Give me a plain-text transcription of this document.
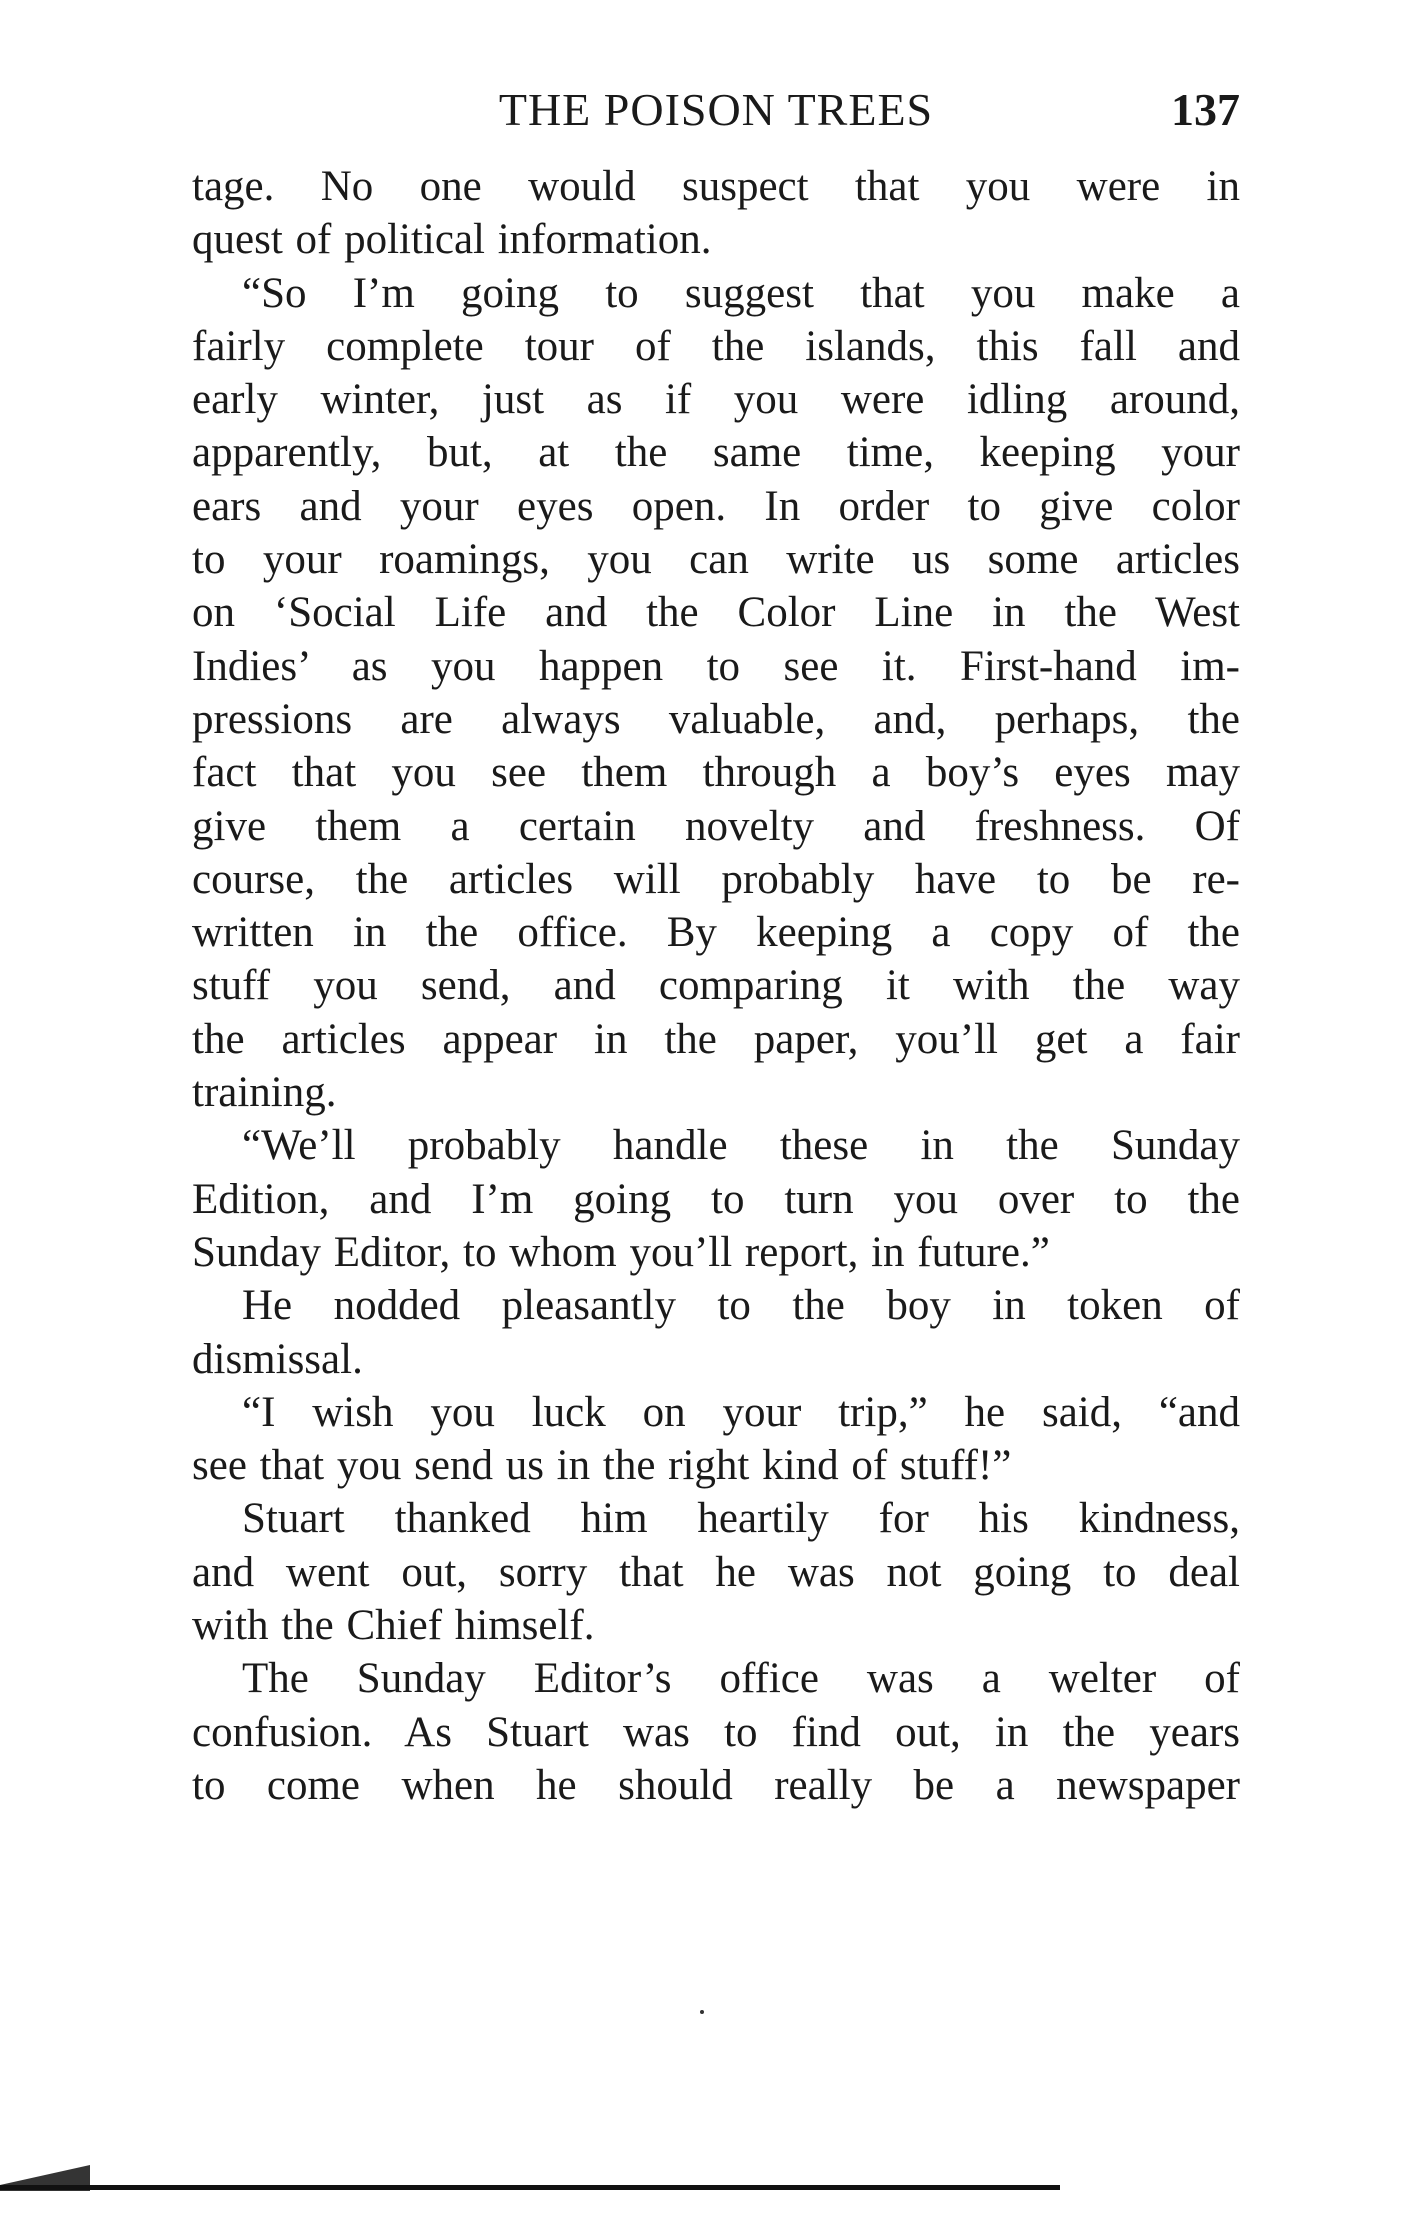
THE POISON TREES	137
tage. No one would suspect that you were in
quest of political information.
“So I’m going to suggest that you make a
fairly complete tour of the islands, this fall and
early winter, just as if you were idling around,
apparently, but, at the same time, keeping your
ears and your eyes open. In order to give color
to your roamings, you can write us some articles
on ‘Social Life and the Color Line in the West
Indies’ as you happen to see it. First-hand im-
pressions are always valuable, and, perhaps, the
fact that you see them through a boy’s eyes may
give them a certain novelty and freshness. Of
course, the articles will probably have to be re-
written in the office. By keeping a copy of the
stuff you send, and comparing it with the way
the articles appear in the paper, you’ll get a fair
training.
“We’ll probably handle these in the Sunday
Edition, and I’m going to turn you over to the
Sunday Editor, to whom you’ll report, in future.”
He nodded pleasantly to the boy in token of
dismissal.
“I wish you luck on your trip,” he said, “and
see that you send us in the right kind of stuff!”
Stuart thanked him heartily for his kindness,
and went out, sorry that he was not going to deal
with the Chief himself.
The Sunday Editor’s office was a welter of
confusion. As Stuart was to find out, in the years
to come when he should really be a newspaper
